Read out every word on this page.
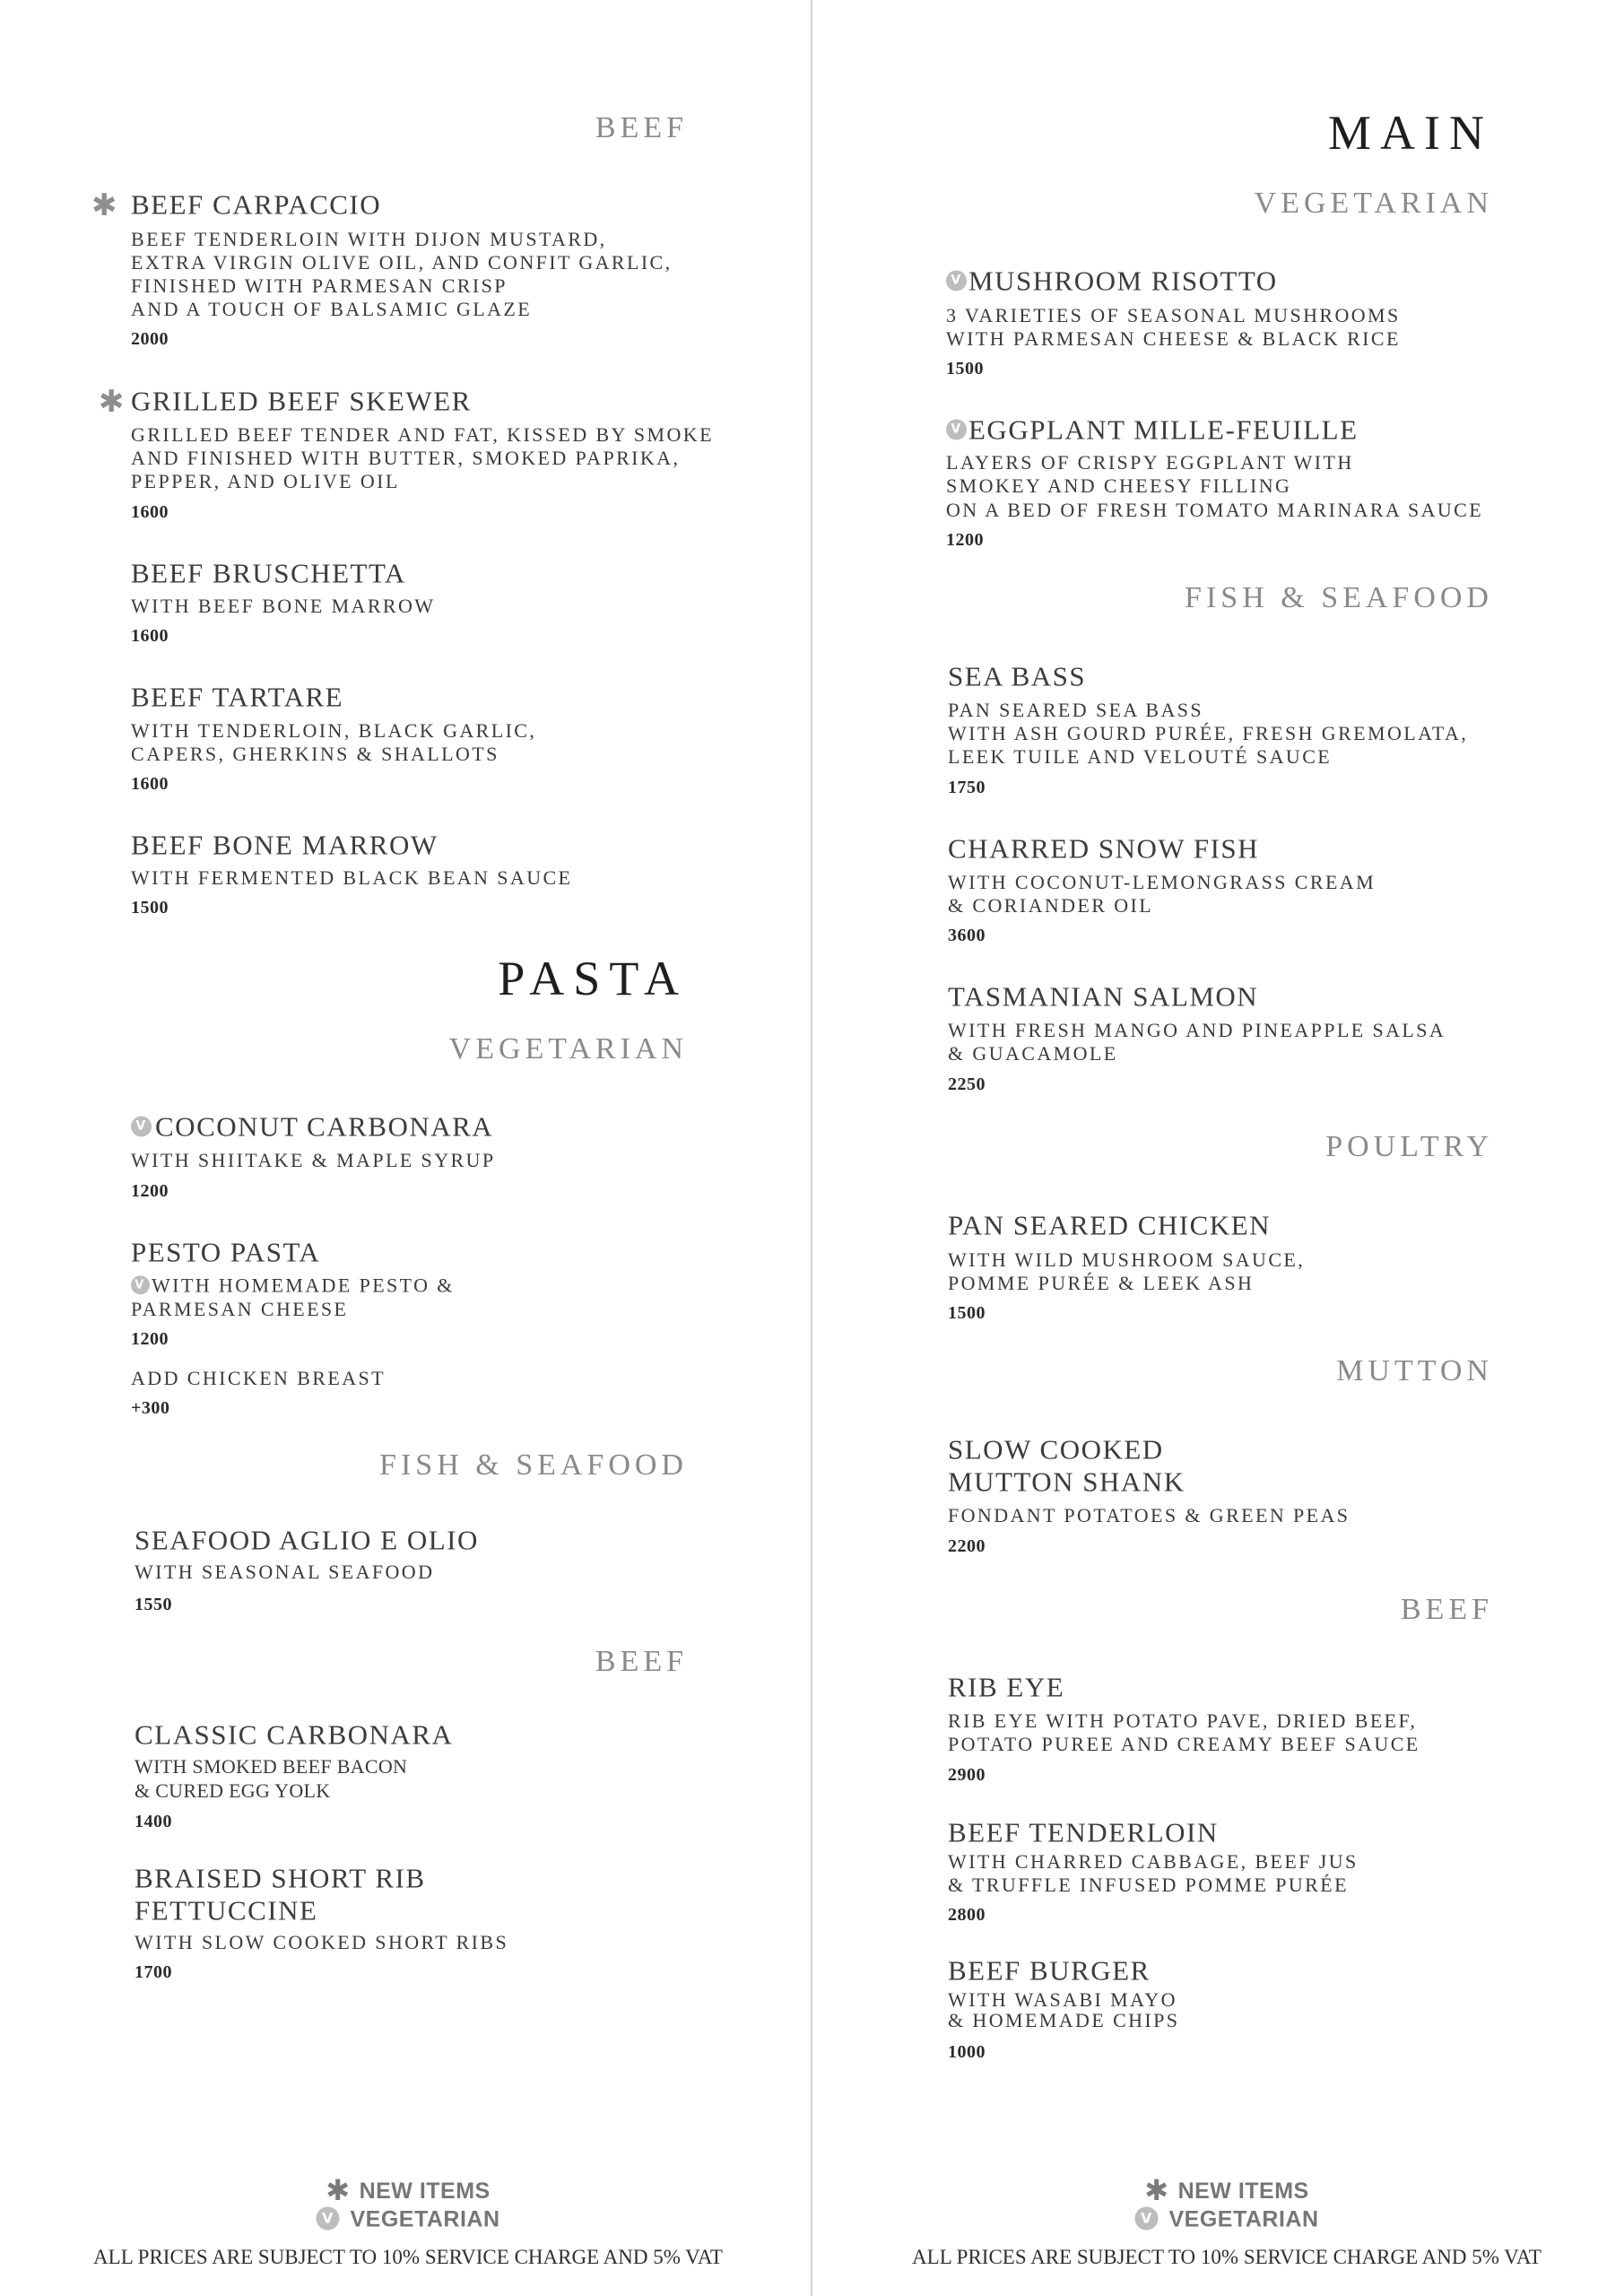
BEEF
✱ BEEF CARPACCIO
BEEF TENDERLOIN WITH DIJON MUSTARD,
EXTRA VIRGIN OLIVE OIL, AND CONFIT GARLIC,
FINISHED WITH PARMESAN CRISP
AND A TOUCH OF BALSAMIC GLAZE
2000
✱ GRILLED BEEF SKEWER
GRILLED BEEF TENDER AND FAT, KISSED BY SMOKE
AND FINISHED WITH BUTTER, SMOKED PAPRIKA,
PEPPER, AND OLIVE OIL
1600
BEEF BRUSCHETTA
WITH BEEF BONE MARROW
1600
BEEF TARTARE
WITH TENDERLOIN, BLACK GARLIC,
CAPERS, GHERKINS & SHALLOTS
1600
BEEF BONE MARROW
WITH FERMENTED BLACK BEAN SAUCE
1500
PASTA
VEGETARIAN
V COCONUT CARBONARA
WITH SHIITAKE & MAPLE SYRUP
1200
PESTO PASTA
V WITH HOMEMADE PESTO &
PARMESAN CHEESE
1200
ADD CHICKEN BREAST
+300
FISH & SEAFOOD
SEAFOOD AGLIO E OLIO
WITH SEASONAL SEAFOOD
1550
BEEF
CLASSIC CARBONARA
WITH SMOKED BEEF BACON
& CURED EGG YOLK
1400
BRAISED SHORT RIB
FETTUCCINE
WITH SLOW COOKED SHORT RIBS
1700
✱ NEW ITEMS
V VEGETARIAN
ALL PRICES ARE SUBJECT TO 10% SERVICE CHARGE AND 5% VAT
MAIN
VEGETARIAN
V MUSHROOM RISOTTO
3 VARIETIES OF SEASONAL MUSHROOMS
WITH PARMESAN CHEESE & BLACK RICE
1500
V EGGPLANT MILLE-FEUILLE
LAYERS OF CRISPY EGGPLANT WITH
SMOKEY AND CHEESY FILLING
ON A BED OF FRESH TOMATO MARINARA SAUCE
1200
FISH & SEAFOOD
SEA BASS
PAN SEARED SEA BASS
WITH ASH GOURD PURÉE, FRESH GREMOLATA,
LEEK TUILE AND VELOUTÉ SAUCE
1750
CHARRED SNOW FISH
WITH COCONUT-LEMONGRASS CREAM
& CORIANDER OIL
3600
TASMANIAN SALMON
WITH FRESH MANGO AND PINEAPPLE SALSA
& GUACAMOLE
2250
POULTRY
PAN SEARED CHICKEN
WITH WILD MUSHROOM SAUCE,
POMME PURÉE & LEEK ASH
1500
MUTTON
SLOW COOKED
MUTTON SHANK
FONDANT POTATOES & GREEN PEAS
2200
BEEF
RIB EYE
RIB EYE WITH POTATO PAVE, DRIED BEEF,
POTATO PUREE AND CREAMY BEEF SAUCE
2900
BEEF TENDERLOIN
WITH CHARRED CABBAGE, BEEF JUS
& TRUFFLE INFUSED POMME PURÉE
2800
BEEF BURGER
WITH WASABI MAYO
& HOMEMADE CHIPS
1000
✱ NEW ITEMS
V VEGETARIAN
ALL PRICES ARE SUBJECT TO 10% SERVICE CHARGE AND 5% VAT
